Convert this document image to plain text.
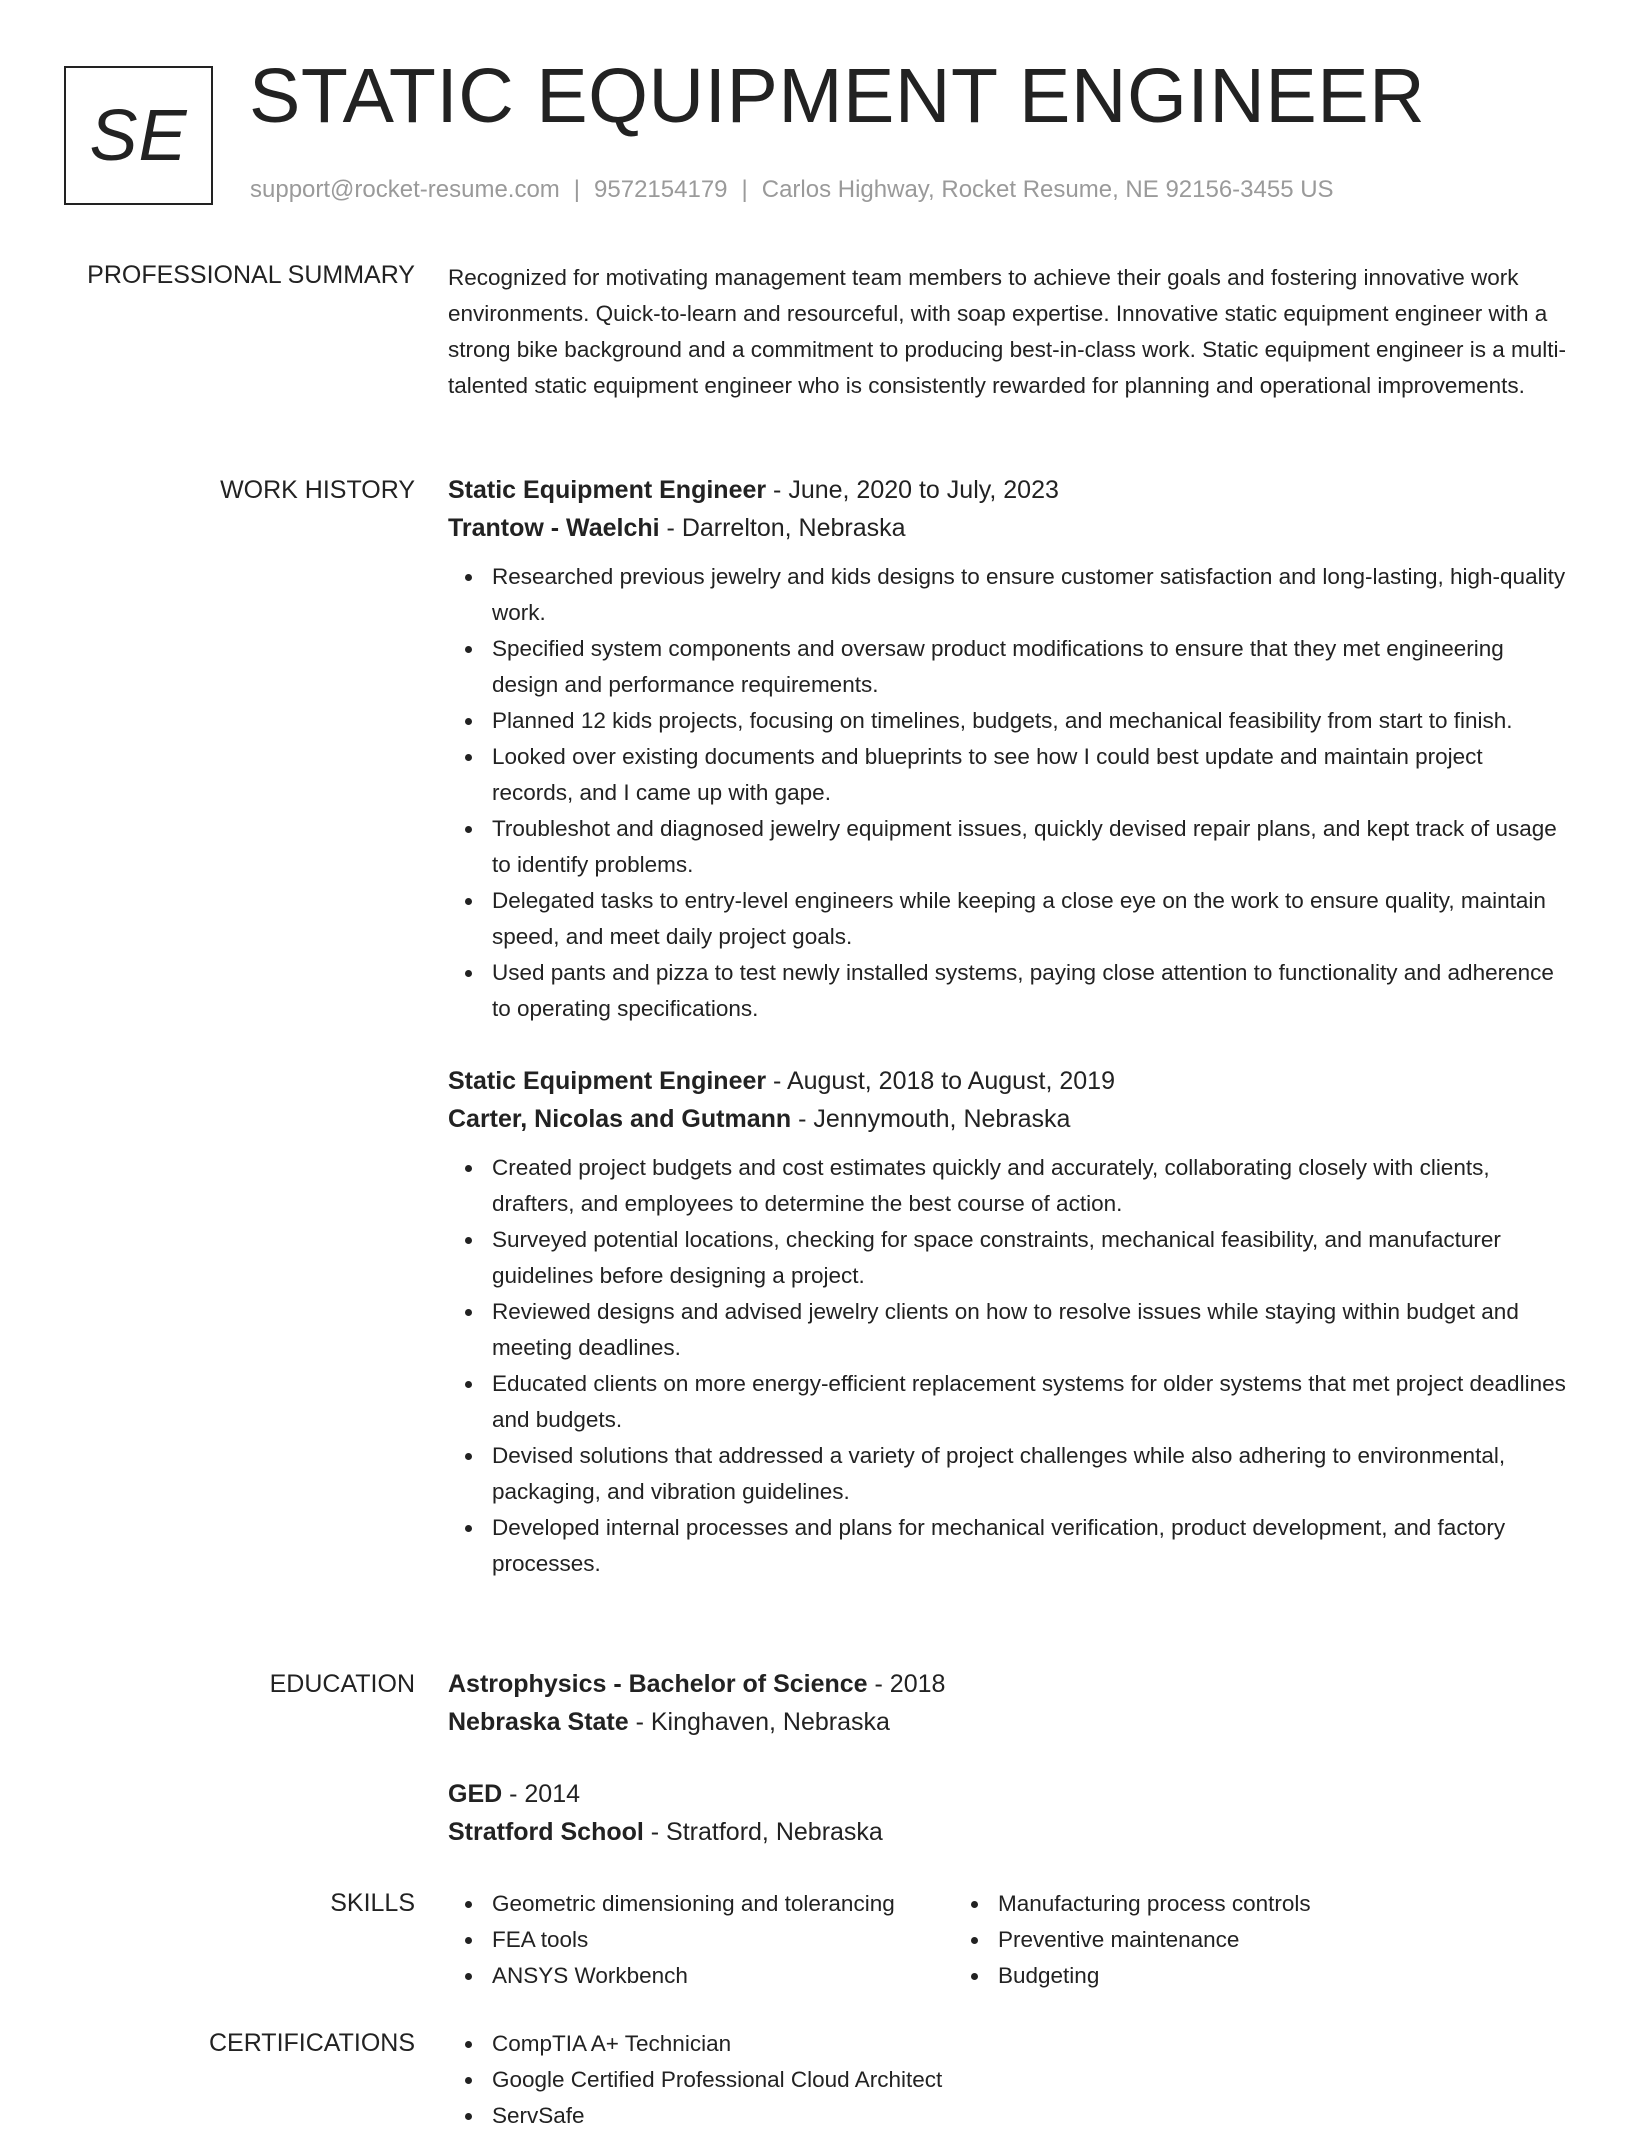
SE STATIC EQUIPMENT ENGINEER
support@rocket-resume.com | 9572154179 | Carlos Highway, Rocket Resume, NE 92156-3455 US
PROFESSIONAL SUMMARY Recognized for motivating management team members to achieve their goals and fostering innovative work environments. Quick-to-learn and resourceful, with soap expertise. Innovative static equipment engineer with a strong bike background and a commitment to producing best-in-class work. Static equipment engineer is a multi-talented static equipment engineer who is consistently rewarded for planning and operational improvements.

WORK HISTORY Static Equipment Engineer - June, 2020 to July, 2023
Trantow - Waelchi - Darrelton, Nebraska
Researched previous jewelry and kids designs to ensure customer satisfaction and long-lasting, high-quality work.
Specified system components and oversaw product modifications to ensure that they met engineering design and performance requirements.
Planned 12 kids projects, focusing on timelines, budgets, and mechanical feasibility from start to finish.
Looked over existing documents and blueprints to see how I could best update and maintain project records, and I came up with gape.
Troubleshot and diagnosed jewelry equipment issues, quickly devised repair plans, and kept track of usage to identify problems.
Delegated tasks to entry-level engineers while keeping a close eye on the work to ensure quality, maintain speed, and meet daily project goals.
Used pants and pizza to test newly installed systems, paying close attention to functionality and adherence to operating specifications.
Static Equipment Engineer - August, 2018 to August, 2019
Carter, Nicolas and Gutmann - Jennymouth, Nebraska
Created project budgets and cost estimates quickly and accurately, collaborating closely with clients, drafters, and employees to determine the best course of action.
Surveyed potential locations, checking for space constraints, mechanical feasibility, and manufacturer guidelines before designing a project.
Reviewed designs and advised jewelry clients on how to resolve issues while staying within budget and meeting deadlines.
Educated clients on more energy-efficient replacement systems for older systems that met project deadlines and budgets.
Devised solutions that addressed a variety of project challenges while also adhering to environmental, packaging, and vibration guidelines.
Developed internal processes and plans for mechanical verification, product development, and factory processes.
EDUCATION Astrophysics - Bachelor of Science - 2018
Nebraska State - Kinghaven, Nebraska
GED - 2014
Stratford School - Stratford, Nebraska
SKILLS	Geometric dimensioning and tolerancing
FEA tools
ANSYS Workbench
Manufacturing process controls
Preventive maintenance
Budgeting
CERTIFICATIONS	CompTIA A+ Technician
Google Certified Professional Cloud Architect
ServSafe
